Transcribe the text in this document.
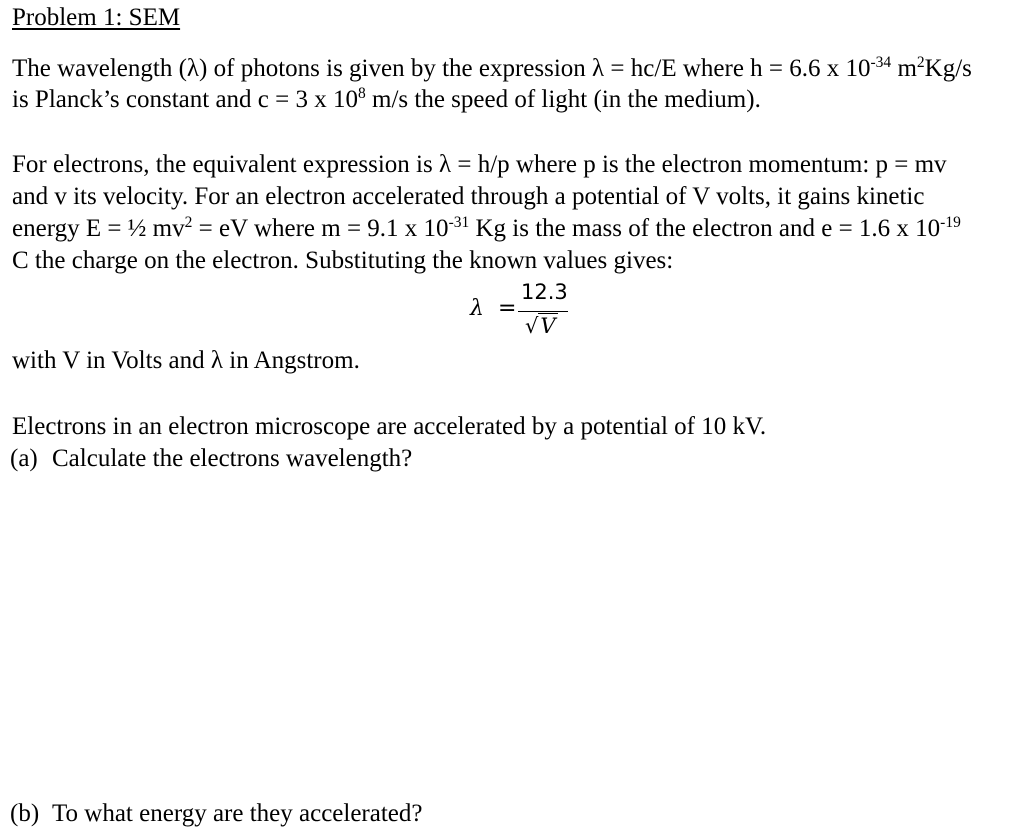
Problem 1: SEM
The wavelength (λ) of photons is given by the expression λ = hc/E where h = 6.6 x $10^{-34}$ $m^2Kg/s$
is Planck’s constant and c = 3 x $10^8$ m/s the speed of light (in the medium).
For electrons, the equivalent expression is λ = h/p where p is the electron momentum: p = mv
and v its velocity. For an electron accelerated through a potential of V volts, it gains kinetic
energy E = ½ $mv^2$ = eV where m = 9.1 x $10^{-31}$ Kg is the mass of the electron and e = 1.6 x $10^{-19}$
C the charge on the electron. Substituting the known values gives:
λ =
12.3
√V
with V in Volts and λ in Angstrom.
Electrons in an electron microscope are accelerated by a potential of 10 kV.
(a) Calculate the electrons wavelength?
(b) To what energy are they accelerated?
